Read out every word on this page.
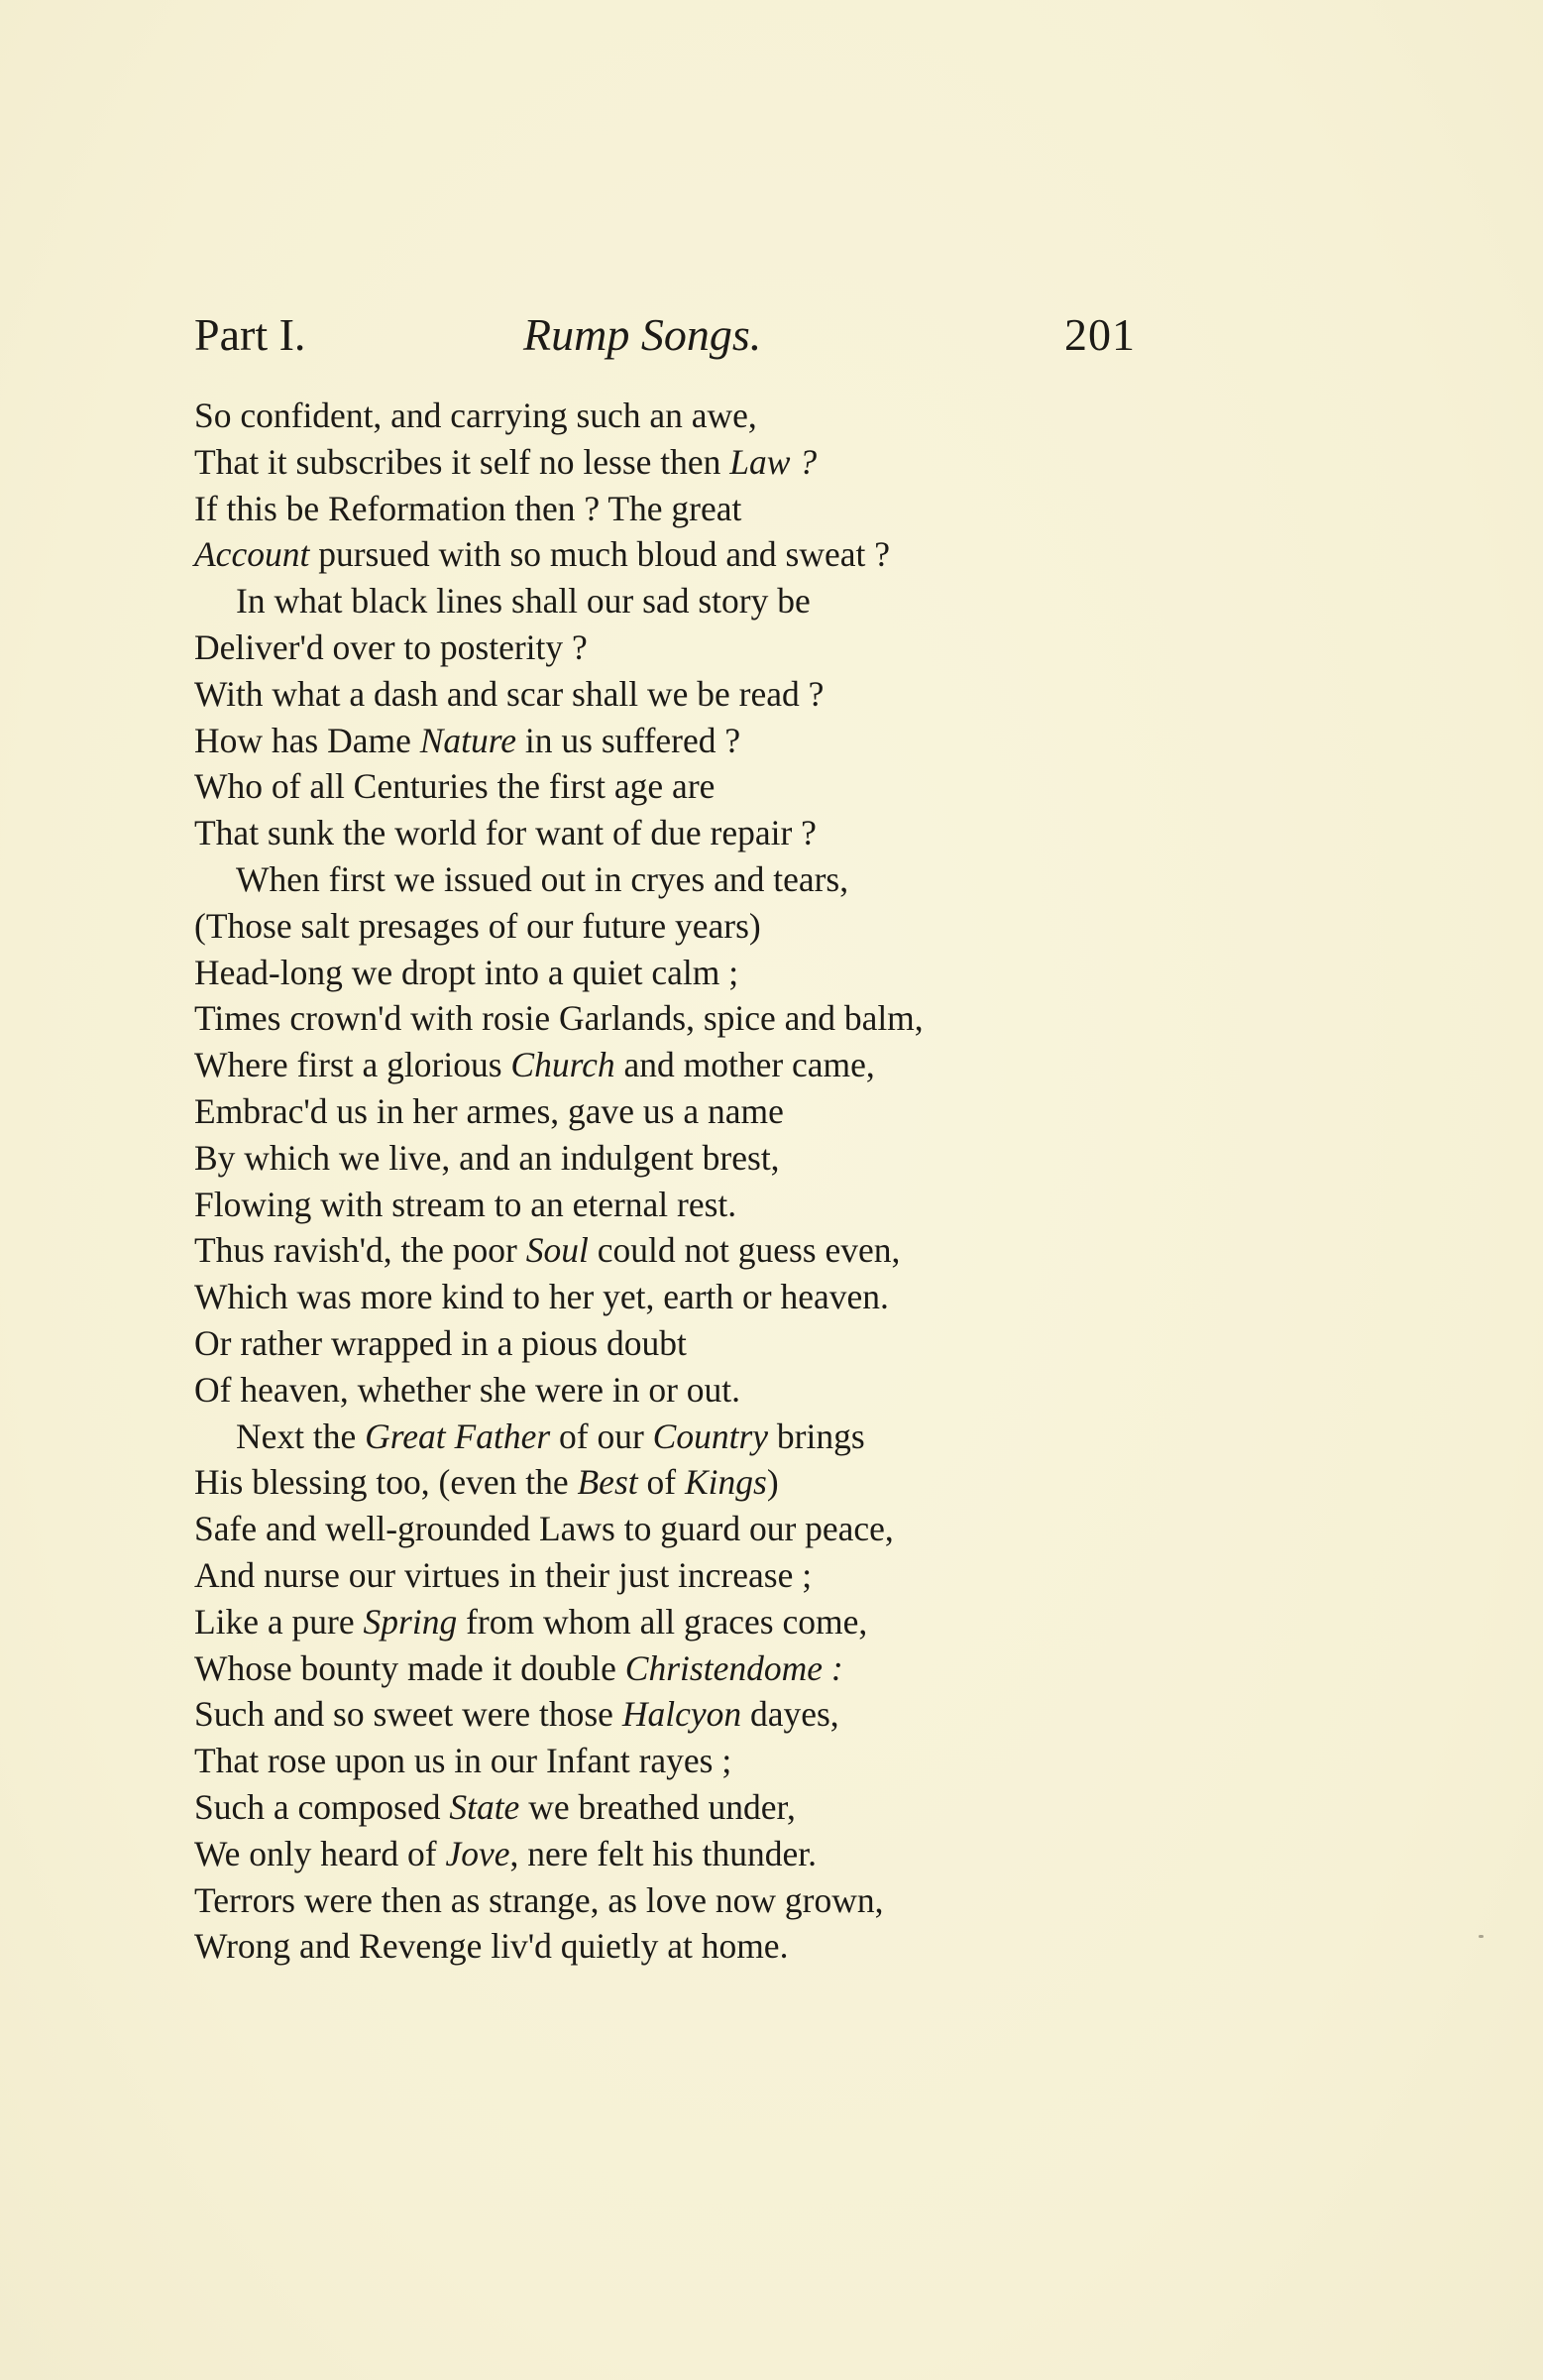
Part I.	Rump Songs.	201
So confident, and carrying such an awe,
That it subscribes it self no lesse then Law ?
If this be Reformation then ? The great
Account pursued with so much bloud and sweat ?
In what black lines shall our sad story be
Deliver'd over to posterity ?
With what a dash and scar shall we be read ?
How has Dame Nature in us suffered ?
Who of all Centuries the first age are
That sunk the world for want of due repair ?
When first we issued out in cryes and tears,
(Those salt presages of our future years)
Head-long we dropt into a quiet calm ;
Times crown'd with rosie Garlands, spice and balm,
Where first a glorious Church and mother came,
Embrac'd us in her armes, gave us a name
By which we live, and an indulgent brest,
Flowing with stream to an eternal rest.
Thus ravish'd, the poor Soul could not guess even,
Which was more kind to her yet, earth or heaven.
Or rather wrapped in a pious doubt
Of heaven, whether she were in or out.
Next the Great Father of our Country brings
His blessing too, (even the Best of Kings)
Safe and well-grounded Laws to guard our peace,
And nurse our virtues in their just increase ;
Like a pure Spring from whom all graces come,
Whose bounty made it double Christendome :
Such and so sweet were those Halcyon dayes,
That rose upon us in our Infant rayes ;
Such a composed State we breathed under,
We only heard of Jove, nere felt his thunder.
Terrors were then as strange, as love now grown,
Wrong and Revenge liv'd quietly at home.
